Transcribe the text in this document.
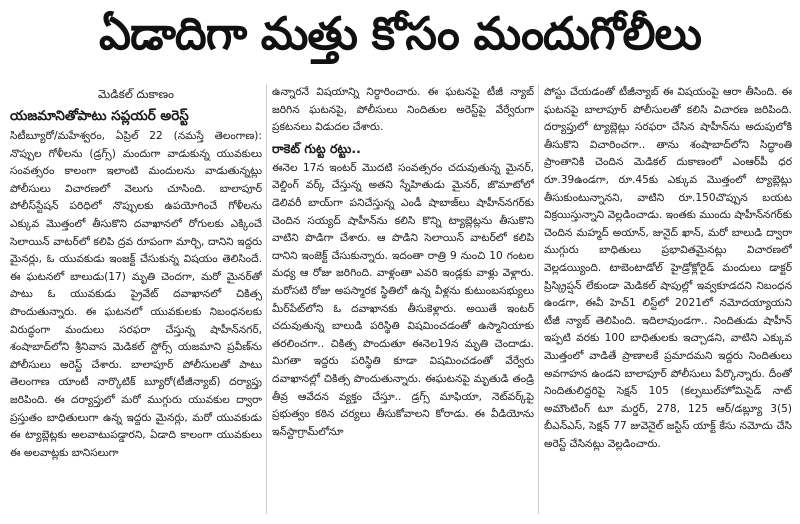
ఏడాదిగా మత్తు కోసం మందుగోలీలు

మెడికల్ దుకాణం

యజమానితోపాటు సప్లయర్ అరెస్ట్

సిటీబ్యూరో/మహేశ్వరం, ఏప్రిల్ 22 (నమస్తే తెలంగాణ): నొప్పుల గోళీలను (డ్రగ్స్) మందుగా వాడుకున్న యువకులు సంవత్సరం కాలంగా ఇలాంటి మందులను వాడుతున్నట్లు పోలీసులు విచారణలో వెలుగు చూసింది. బాలాపూర్ పోలీస్‌స్టేషన్ పరిధిలో నొప్పులకు ఉపయోగించే గోళీలను ఎక్కువ మొత్తంలో తీసుకొని దవాఖానలో రోగులకు ఎక్కించే సెలాయిన్ వాటర్‌లో కలిపి ద్రవ రూపంగా మార్చి, దానిని ఇద్దరు మైనర్లు, ఓ యువకుడు ఇంజక్ట్ చేసుకున్న విషయం తెలిసిందే. ఈ ఘటనలో బాలుడు(17) మృతి చెందగా, మరో మైనర్‌తో పాటు ఓ యువకుడు ప్రైవేట్ దవాఖానలో చికిత్స పొందుతున్నారు. ఈ ఘటనలో యువకులకు నిబంధనలకు విరుద్ధంగా మందులు సరఫరా చేస్తున్న షాహీన్‌నగర్, శంషాబాద్‌లోని శ్రీనివాస మెడికల్ స్టోర్స్ యజమాని ప్రవీణ్‌ను పోలీసులు అరెస్ట్ చేశారు. బాలాపూర్ పోలీసులతో పాటు తెలంగాణ యాంటీ నార్కొటిక్ బ్యూరో(టీజీన్యాబ్) దర్యాప్తు జరిపింది. ఈ దర్యాప్తులో మరో ముగ్గురు యువకుల ద్వారా ప్రస్తుతం బాధితులుగా ఉన్న ఇద్దరు మైనర్లు, మరో యువకుడు ఈ ట్యాబ్లెట్లకు అలవాటుపడ్డారని, ఏడాది కాలంగా యువకులు ఈ అలవాట్లకు బానిసలుగా

ఉన్నారనే విషయాన్ని నిర్ధారించారు. ఈ ఘటనపై టీజీ న్యాబ్ జరిగిన ఘటనపై, పోలీసులు నిందితుల అరెస్ట్‌పై వేర్వేరుగా ప్రకటనలు విడుదల చేశారు.

రాకెట్ గుట్ట రట్టు..

ఈనెల 17న ఇంటర్ మొదటి సంవత్సరం చదువుతున్న మైనర్, వెల్డింగ్ వర్క్ చేస్తున్న అతని స్నేహితుడు మైనర్, జొమాటోలో డెలివరీ బాయ్‌గా పనిచేస్తున్న ఎండీ షాబాజ్‌లు షాహీన్‌నగర్‌కు చెందిన సయ్యద్ షాహీన్‌ను కలిసి కొన్ని ట్యాబ్లెట్లను తీసుకొని వాటిని పొడిగా చేశారు. ఆ పొడిని సెలాయిన్ వాటర్‌లో కలిపి దానిని ఇంజెక్ట్ చేసుకున్నారు. ఇదంతా రాత్రి 9 నుంచి 10 గంటల మధ్య ఆ రోజు జరిగింది. వాళ్లంతా ఎవరి ఇండ్లకు వాళ్లు వెళ్లారు. మరోసటి రోజు అపస్మారక స్థితిలో ఉన్న వీళ్లను కుటుంబసభ్యులు మీర్‌పేట్‌లోని ఓ దవాఖానకు తీసుకెళ్లారు. అయితే ఇంటర్ చదువుతున్న బాలుడి పరిస్థితి విషమించడంతో ఉస్మానియాకు తరలించగా.. చికిత్స పొందుతూ ఈనెల19న మృతి చెందాడు. మిగతా ఇద్దరు పరిస్థితి కూడా విషమించడంతో వేర్వేరు దవాఖానల్లో చికిత్స పొందుతున్నారు. ఈఘటనపై మృతుడి తండ్రి తీవ్ర ఆవేదన వ్యక్తం చేస్తూ.. డ్రగ్స్ మాఫియా, నెట్‌వర్క్‌పై ప్రభుత్వం కఠిన చర్యలు తీసుకోవాలని కోరాడు. ఈ వీడియోను ఇన్‌స్టాగ్రామ్‌లోనూ

పోస్టు చేయడంతో టీజీన్యాబ్ ఈ విషయంపై ఆరా తీసింది. ఈ ఘటనపై బాలాపూర్ పోలీసులతో కలిసి విచారణ జరిపింది. దర్యాప్తులో ట్యాబ్లెట్లు సరఫరా చేసిన షాహీన్‌ను అదుపులోకి తీసుకొని విచారించగా.. తాను శంషాబాద్‌లోని సిద్ధాంతి ప్రాంతానికి చెందిన మెడికల్ దుకాణంలో ఎంఆర్‌పీ ధర రూ.39ఉండగా, రూ.45కు ఎక్కువ మొత్తంలో ట్యాబ్లెట్లు తీసుకుంటున్నానని, వాటిని రూ.150చొప్పున బయట విక్రయిస్తున్నాని వెల్లడించాడు. ఇంతకు ముందు షాహీన్‌నగర్‌కు చెందిన మహ్మద్ అయాన్, జునైద్ ఖాన్, మరో బాలుడి ద్వారా ముగ్గురు బాధితులు ప్రభావితమైనట్లు విచారణలో వెల్లడయ్యింది. టాబెంటాడోల్ హైడ్రోక్లోరైడ్ మందులు డాక్టర్ ప్రిస్క్రిప్షన్ లేకుండా మెడికల్ షాపుల్లో ఇవ్వకూడదని నిబంధన ఉండగా, ఈవీ హెచ్1 లిస్ట్‌లో 2021లో నమోదయ్యాయని టీజీ న్యాబ్ తెలిపింది. ఇదిలావుండగా.. నిందితుడు షాహీన్ ఇప్పటి వరకు 100 బాధితులకు ఇచ్చాడని, వాటిని ఎక్కువ మొత్తంలో వాడితే ప్రాణాలకే ప్రమాదమని ఇద్దరు నిందితులు అవగాహన ఉండని బాలాపూర్ పోలీసులు పేర్కొన్నారు. దీంతో నిందితులిద్దరిపై సెక్షన్ 105 (కల్పబుల్‌హోమిసైడ్ నాట్ అమౌంటింగ్ టూ మర్డర్, 278, 125 ఆర్/డబ్ల్యూ 3(5) బీఎన్‌ఎస్, సెక్షన్ 77 జువెనైల్ జస్టిస్ యాక్ట్ కేసు నమోదు చేసి అరెస్ట్ చేసినట్లు వెల్లడించారు.
